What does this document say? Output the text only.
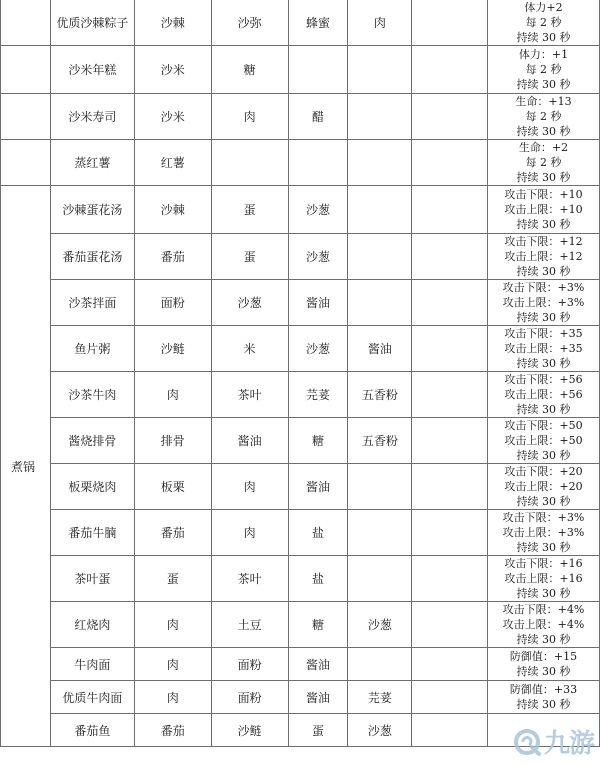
	优质沙棘粽子	沙棘	沙弥	蜂蜜	肉		体力+2
每 2 秒
持续 30 秒

	沙米年糕	沙米	糖				体力：+1
每 2 秒
持续 30 秒

	沙米寿司	沙米	肉	醋			生命：+13
每 2 秒
持续 30 秒

	蒸红薯	红薯					生命：+2
每 2 秒
持续 30 秒

煮锅	沙棘蛋花汤	沙棘	蛋	沙葱			攻击下限：+10
攻击上限：+10
持续 30 秒

	番茄蛋花汤	番茄	蛋	沙葱			攻击下限：+12
攻击上限：+12
持续 30 秒

	沙茶拌面	面粉	沙葱	酱油			攻击下限：+3%
攻击上限：+3%
持续 30 秒

	鱼片粥	沙鲢	米	沙葱	酱油		攻击下限：+35
攻击上限：+35
持续 30 秒

	沙茶牛肉	肉	茶叶	芫荽	五香粉		攻击下限：+56
攻击上限：+56
持续 30 秒

	酱烧排骨	排骨	酱油	糖	五香粉		攻击下限：+50
攻击上限：+50
持续 30 秒

	板栗烧肉	板栗	肉	酱油			攻击下限：+20
攻击上限：+20
持续 30 秒

	番茄牛腩	番茄	肉	盐			攻击下限：+3%
攻击上限：+3%
持续 30 秒

	茶叶蛋	蛋	茶叶	盐			攻击下限：+16
攻击上限：+16
持续 30 秒

	红烧肉	肉	土豆	糖	沙葱		攻击下限：+4%
攻击上限：+4%
持续 30 秒

	牛肉面	肉	面粉	酱油			防御值：+15
持续 30 秒

	优质牛肉面	肉	面粉	酱油	芫荽		防御值：+33
持续 30 秒

	番茄鱼	番茄	沙鲢	蛋	沙葱			九游
